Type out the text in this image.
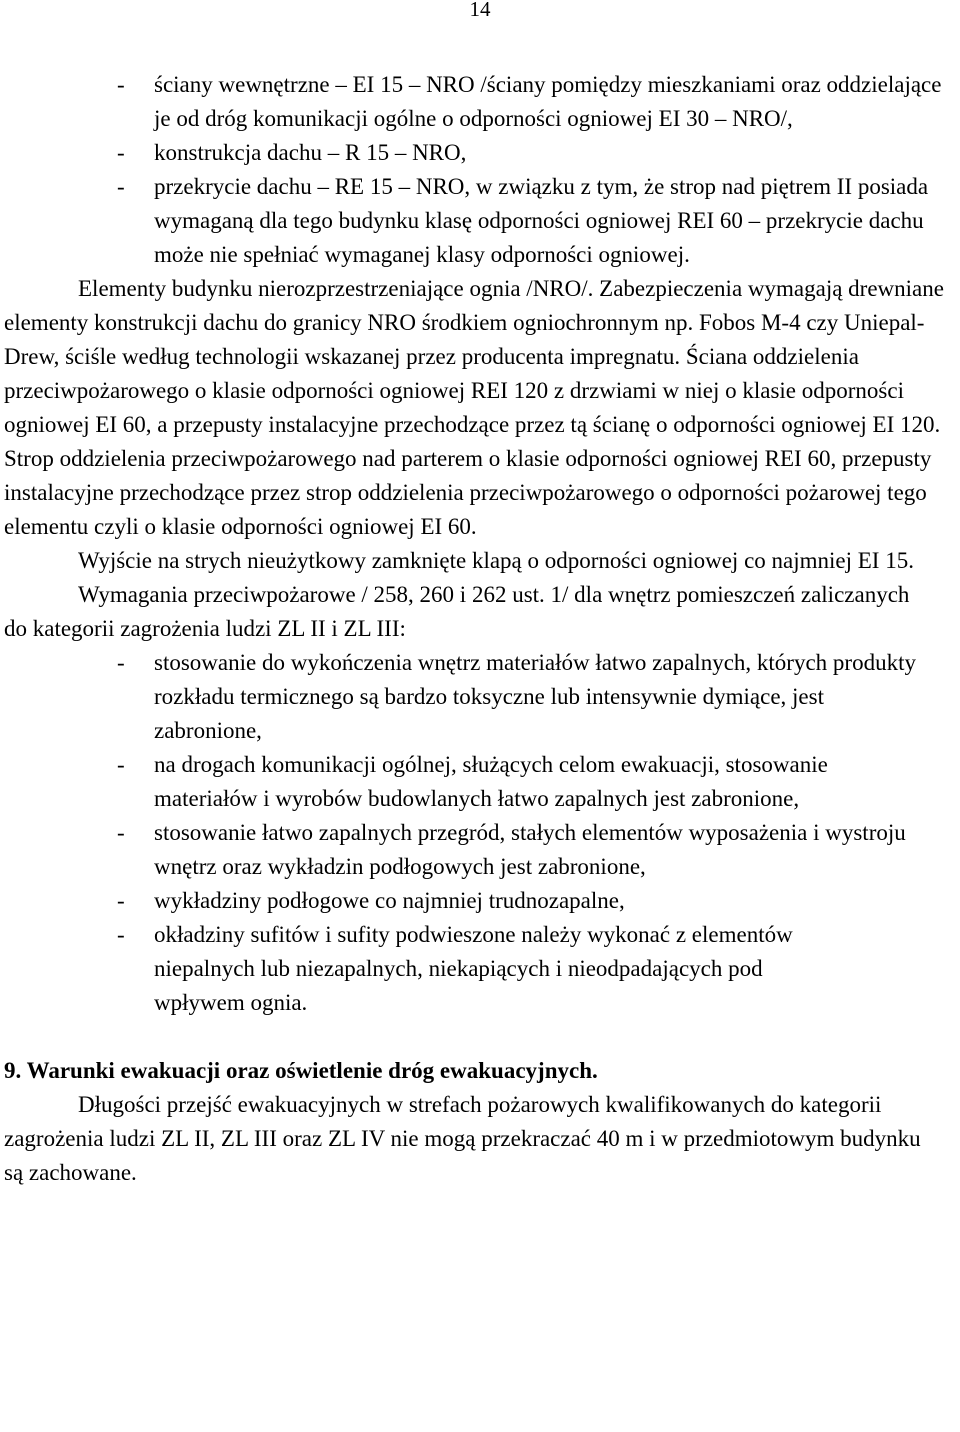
14
- ściany wewnętrzne – EI 15 – NRO /ściany pomiędzy mieszkaniami oraz oddzielające je od dróg komunikacji ogólne o odporności ogniowej EI 30 – NRO/,
- konstrukcja dachu – R 15 – NRO,
- przekrycie dachu – RE 15 – NRO, w związku z tym, że strop nad piętrem II posiada wymaganą dla tego budynku klasę odporności ogniowej REI 60 – przekrycie dachu może nie spełniać wymaganej klasy odporności ogniowej.

Elementy budynku nierozprzestrzeniające ognia /NRO/. Zabezpieczenia wymagają drewniane elementy konstrukcji dachu do granicy NRO środkiem ogniochronnym np. Fobos M-4 czy Uniepal-Drew, ściśle według technologii wskazanej przez producenta impregnatu. Ściana oddzielenia przeciwpożarowego o klasie odporności ogniowej REI 120 z drzwiami w niej o klasie odporności ogniowej EI 60, a przepusty instalacyjne przechodzące przez tą ścianę o odporności ogniowej EI 120. Strop oddzielenia przeciwpożarowego nad parterem o klasie odporności ogniowej REI 60, przepusty instalacyjne przechodzące przez strop oddzielenia przeciwpożarowego o odporności pożarowej tego elementu czyli o klasie odporności ogniowej EI 60.

Wyjście na strych nieużytkowy zamknięte klapą o odporności ogniowej co najmniej EI 15.

Wymagania przeciwpożarowe / 258, 260 i 262 ust. 1/ dla wnętrz pomieszczeń zaliczanych do kategorii zagrożenia ludzi ZL II i ZL III:

- stosowanie do wykończenia wnętrz materiałów łatwo zapalnych, których produkty rozkładu termicznego są bardzo toksyczne lub intensywnie dymiące, jest zabronione,
- na drogach komunikacji ogólnej, służących celom ewakuacji, stosowanie materiałów i wyrobów budowlanych łatwo zapalnych jest zabronione,
- stosowanie łatwo zapalnych przegród, stałych elementów wyposażenia i wystroju wnętrz oraz wykładzin podłogowych jest zabronione,
- wykładziny podłogowe co najmniej trudnozapalne,
- okładziny sufitów i sufity podwieszone należy wykonać z elementów niepalnych lub niezapalnych, niekapiących i nieodpadających pod wpływem ognia.

9. Warunki ewakuacji oraz oświetlenie dróg ewakuacyjnych.

Długości przejść ewakuacyjnych w strefach pożarowych kwalifikowanych do kategorii zagrożenia ludzi ZL II, ZL III oraz ZL IV nie mogą przekraczać 40 m i w przedmiotowym budynku są zachowane.
